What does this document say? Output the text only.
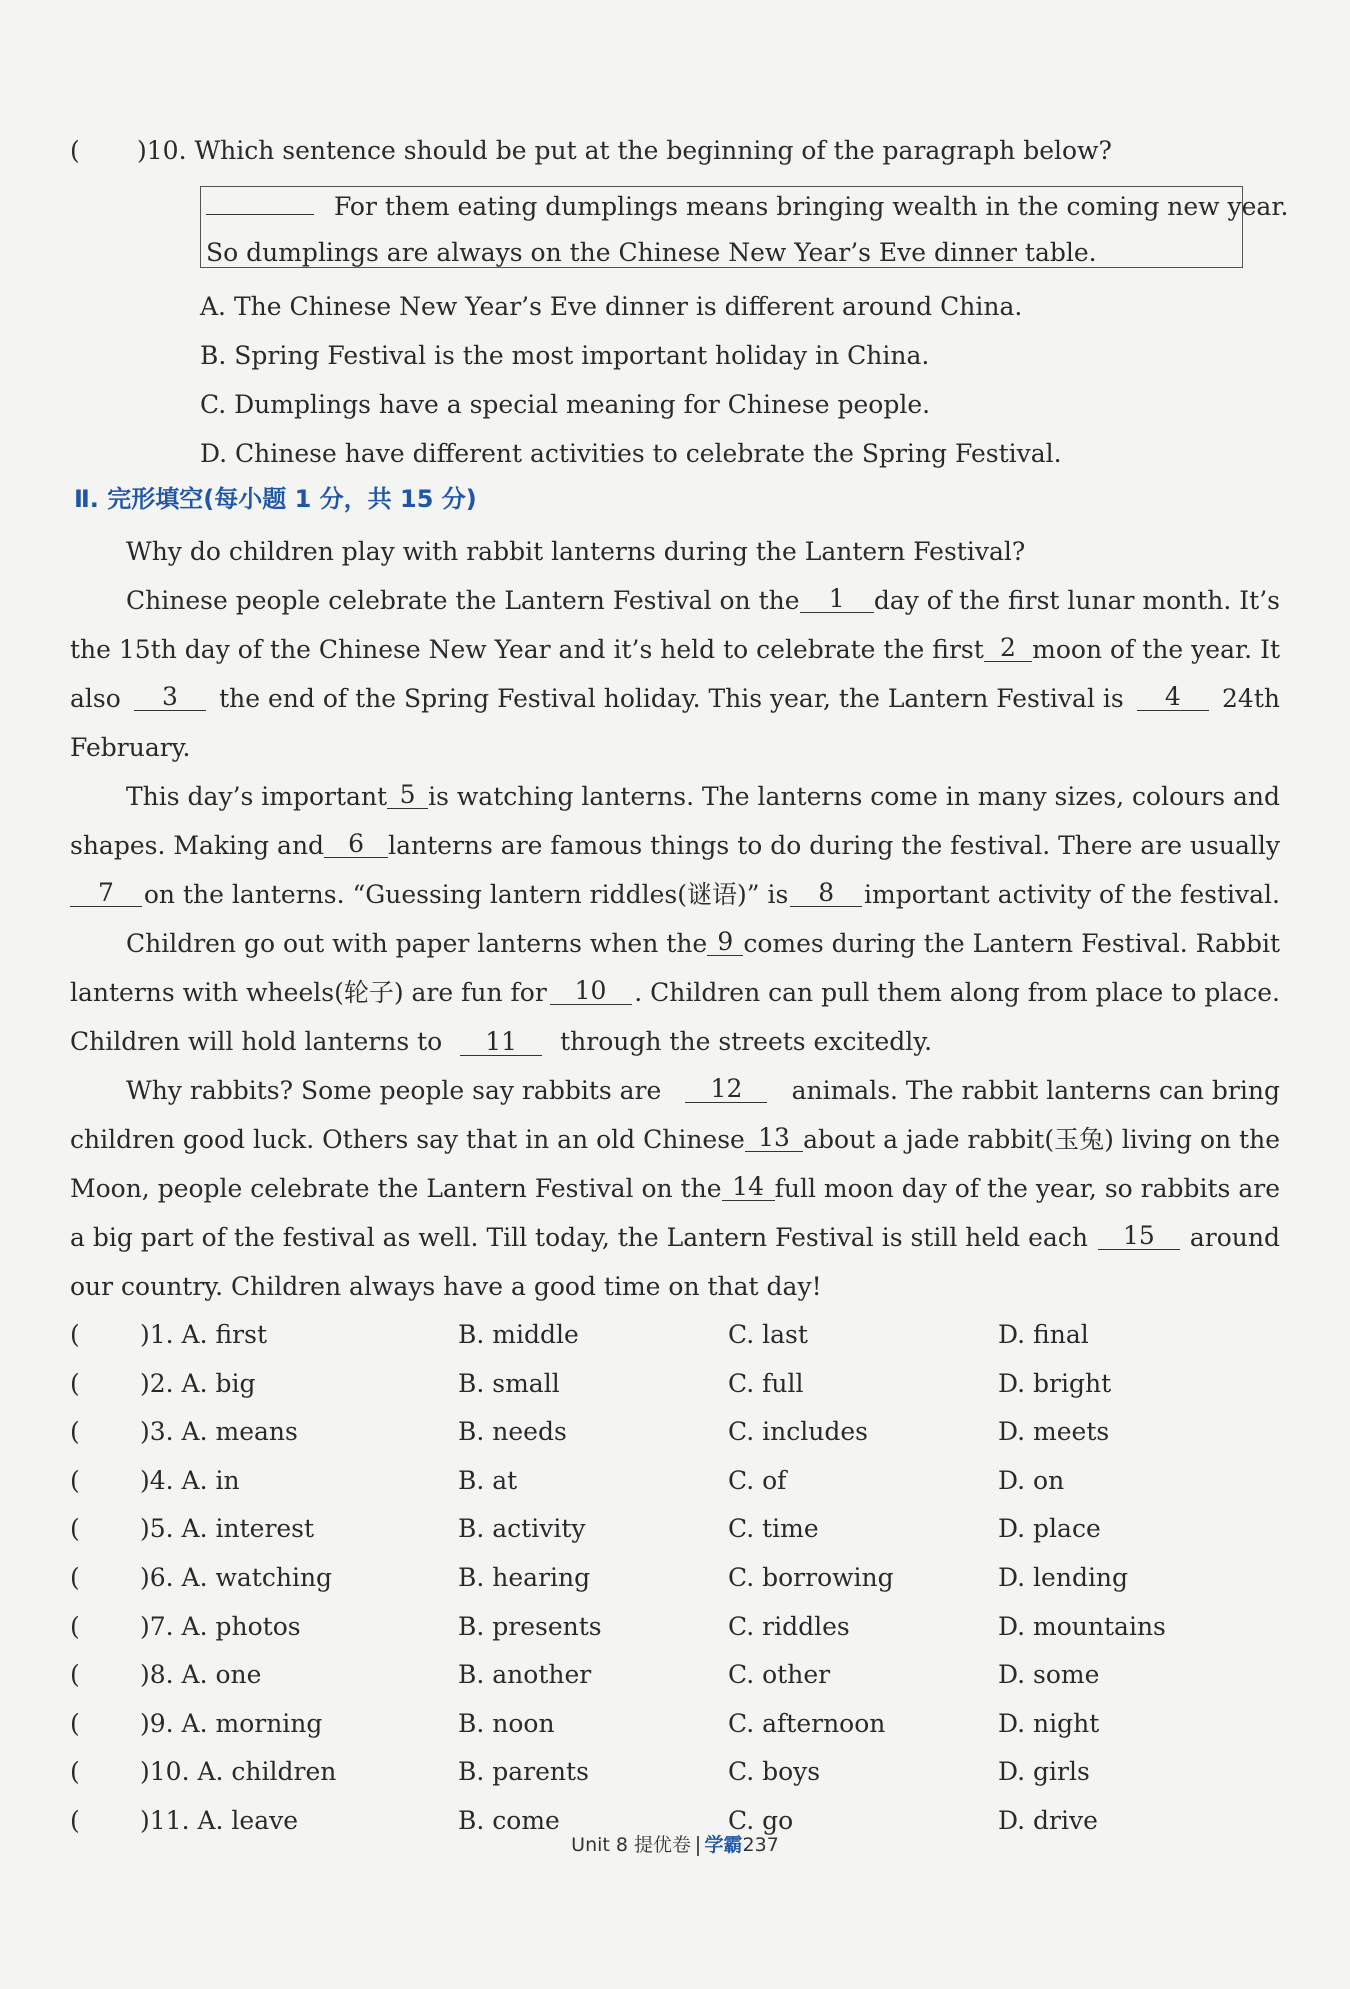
( )10. Which sentence should be put at the beginning of the paragraph below?
For them eating dumplings means bringing wealth in the coming new year.
So dumplings are always on the Chinese New Year’s Eve dinner table.
A. The Chinese New Year’s Eve dinner is different around China.
B. Spring Festival is the most important holiday in China.
C. Dumplings have a special meaning for Chinese people.
D. Chinese have different activities to celebrate the Spring Festival.
Ⅱ. 完形填空(每小题 1 分，共 15 分)
Why do children play with rabbit lanterns during the Lantern Festival?
Chinese people celebrate the Lantern Festival on the	1	day of the first lunar month. It’s
the 15th day of the Chinese New Year and it’s held to celebrate the first 2 moon of the year. It
also	3	the end of the Spring Festival holiday. This year, the Lantern Festival is	4	24th
February.
This day’s important 5 is watching lanterns. The lanterns come in many sizes, colours and
shapes. Making and 6 lanterns are famous things to do during the festival. There are usually
7	on the lanterns. “Guessing lantern riddles(谜语)” is	8	important activity of the festival.
Children go out with paper lanterns when the 9 comes during the Lantern Festival. Rabbit
lanterns with wheels(轮子) are fun for	10	. Children can pull them along from place to place.
Children will hold lanterns to 11 through the streets excitedly.
Why rabbits? Some people say rabbits are	12	animals. The rabbit lanterns can bring
children good luck. Others say that in an old Chinese 13 about a jade rabbit(玉兔) living on the
Moon, people celebrate the Lantern Festival on the 14 full moon day of the year, so rabbits are
a big part of the festival as well. Till today, the Lantern Festival is still held each	15	around
our country. Children always have a good time on that day!
( )1. A. first	B. middle	C. last	D. final
( )2. A. big	B. small	C. full	D. bright
( )3. A. means	B. needs	C. includes	D. meets
( )4. A. in	B. at	C. of	D. on
( )5. A. interest	B. activity	C. time	D. place
( )6. A. watching	B. hearing	C. borrowing	D. lending
( )7. A. photos	B. presents	C. riddles	D. mountains
( )8. A. one	B. another	C. other	D. some
( )9. A. morning	B. noon	C. afternoon	D. night
( )10. A. children	B. parents	C. boys	D. girls
( )11. A. leave	B. come	C. go	D. drive
Unit 8 提优卷 学霸237
